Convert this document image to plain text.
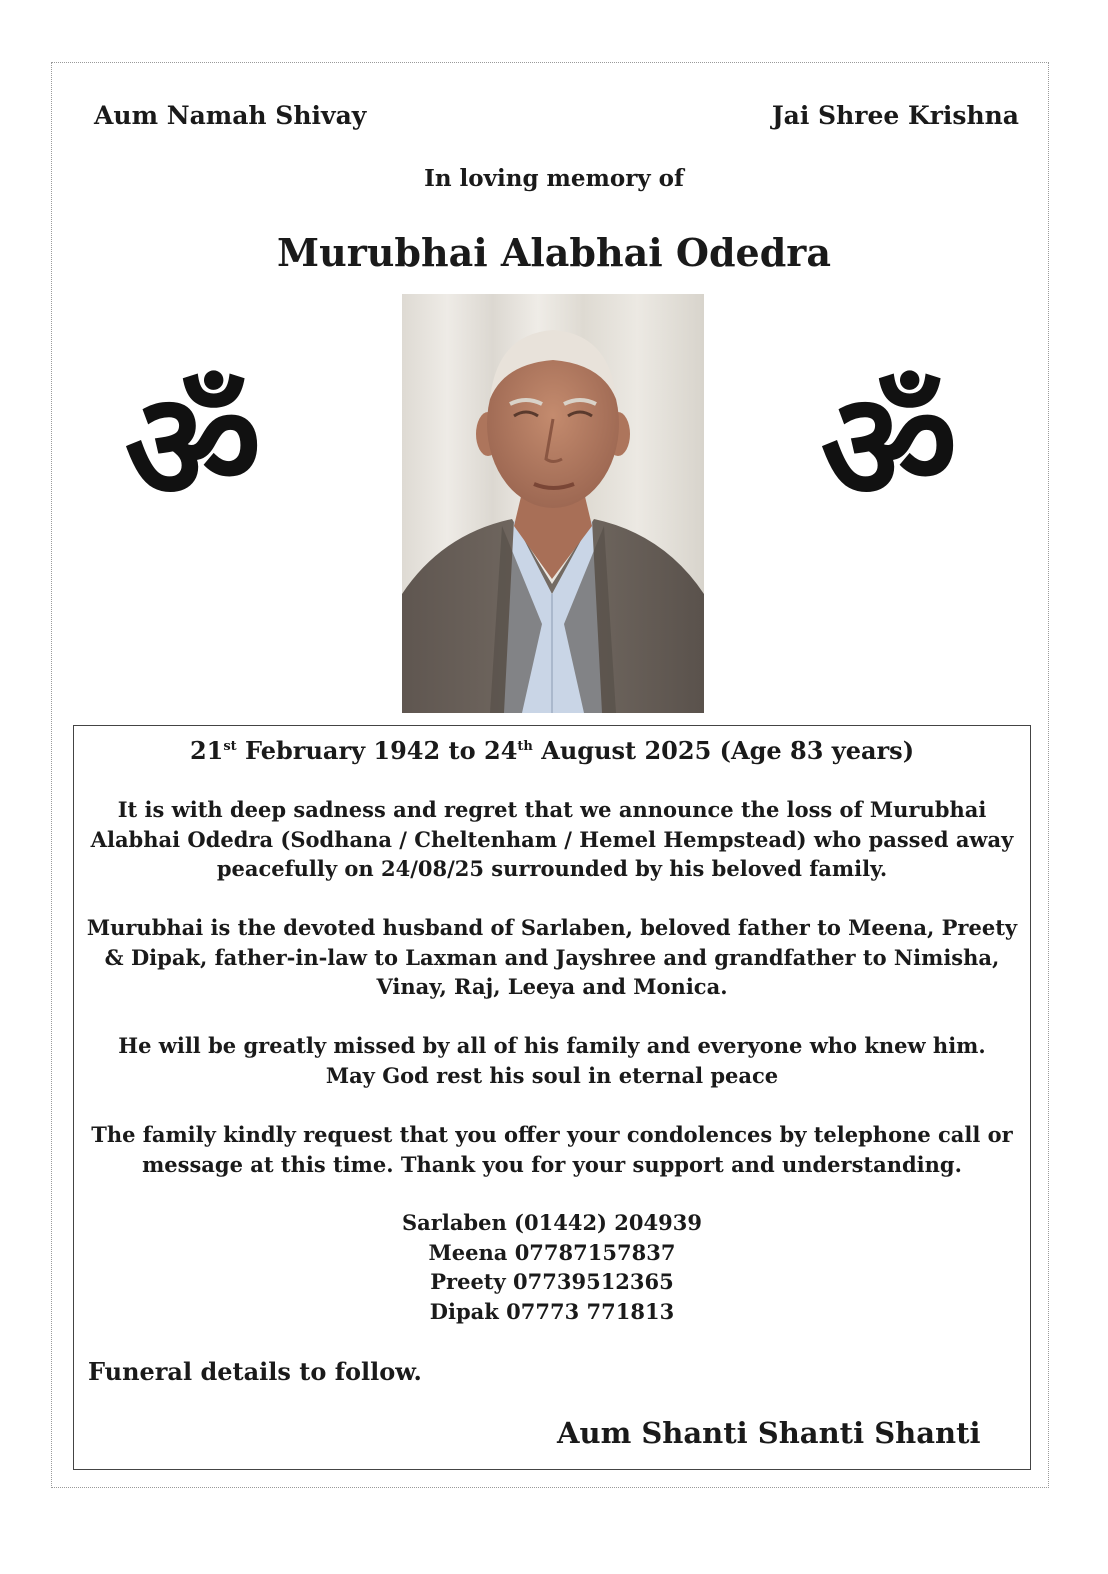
Aum Namah Shivay	Jai Shree Krishna
In loving memory of
Murubhai Alabhai Odedra
ॐ	ॐ
21st February 1942 to 24th August 2025 (Age 83 years)
It is with deep sadness and regret that we announce the loss of Murubhai
Alabhai Odedra (Sodhana / Cheltenham / Hemel Hempstead) who passed away
peacefully on 24/08/25 surrounded by his beloved family.
Murubhai is the devoted husband of Sarlaben, beloved father to Meena, Preety
& Dipak, father-in-law to Laxman and Jayshree and grandfather to Nimisha,
Vinay, Raj, Leeya and Monica.
He will be greatly missed by all of his family and everyone who knew him.
May God rest his soul in eternal peace
The family kindly request that you offer your condolences by telephone call or
message at this time. Thank you for your support and understanding.
Sarlaben (01442) 204939
Meena 07787157837
Preety 07739512365
Dipak 07773 771813
Funeral details to follow.
Aum Shanti Shanti Shanti
